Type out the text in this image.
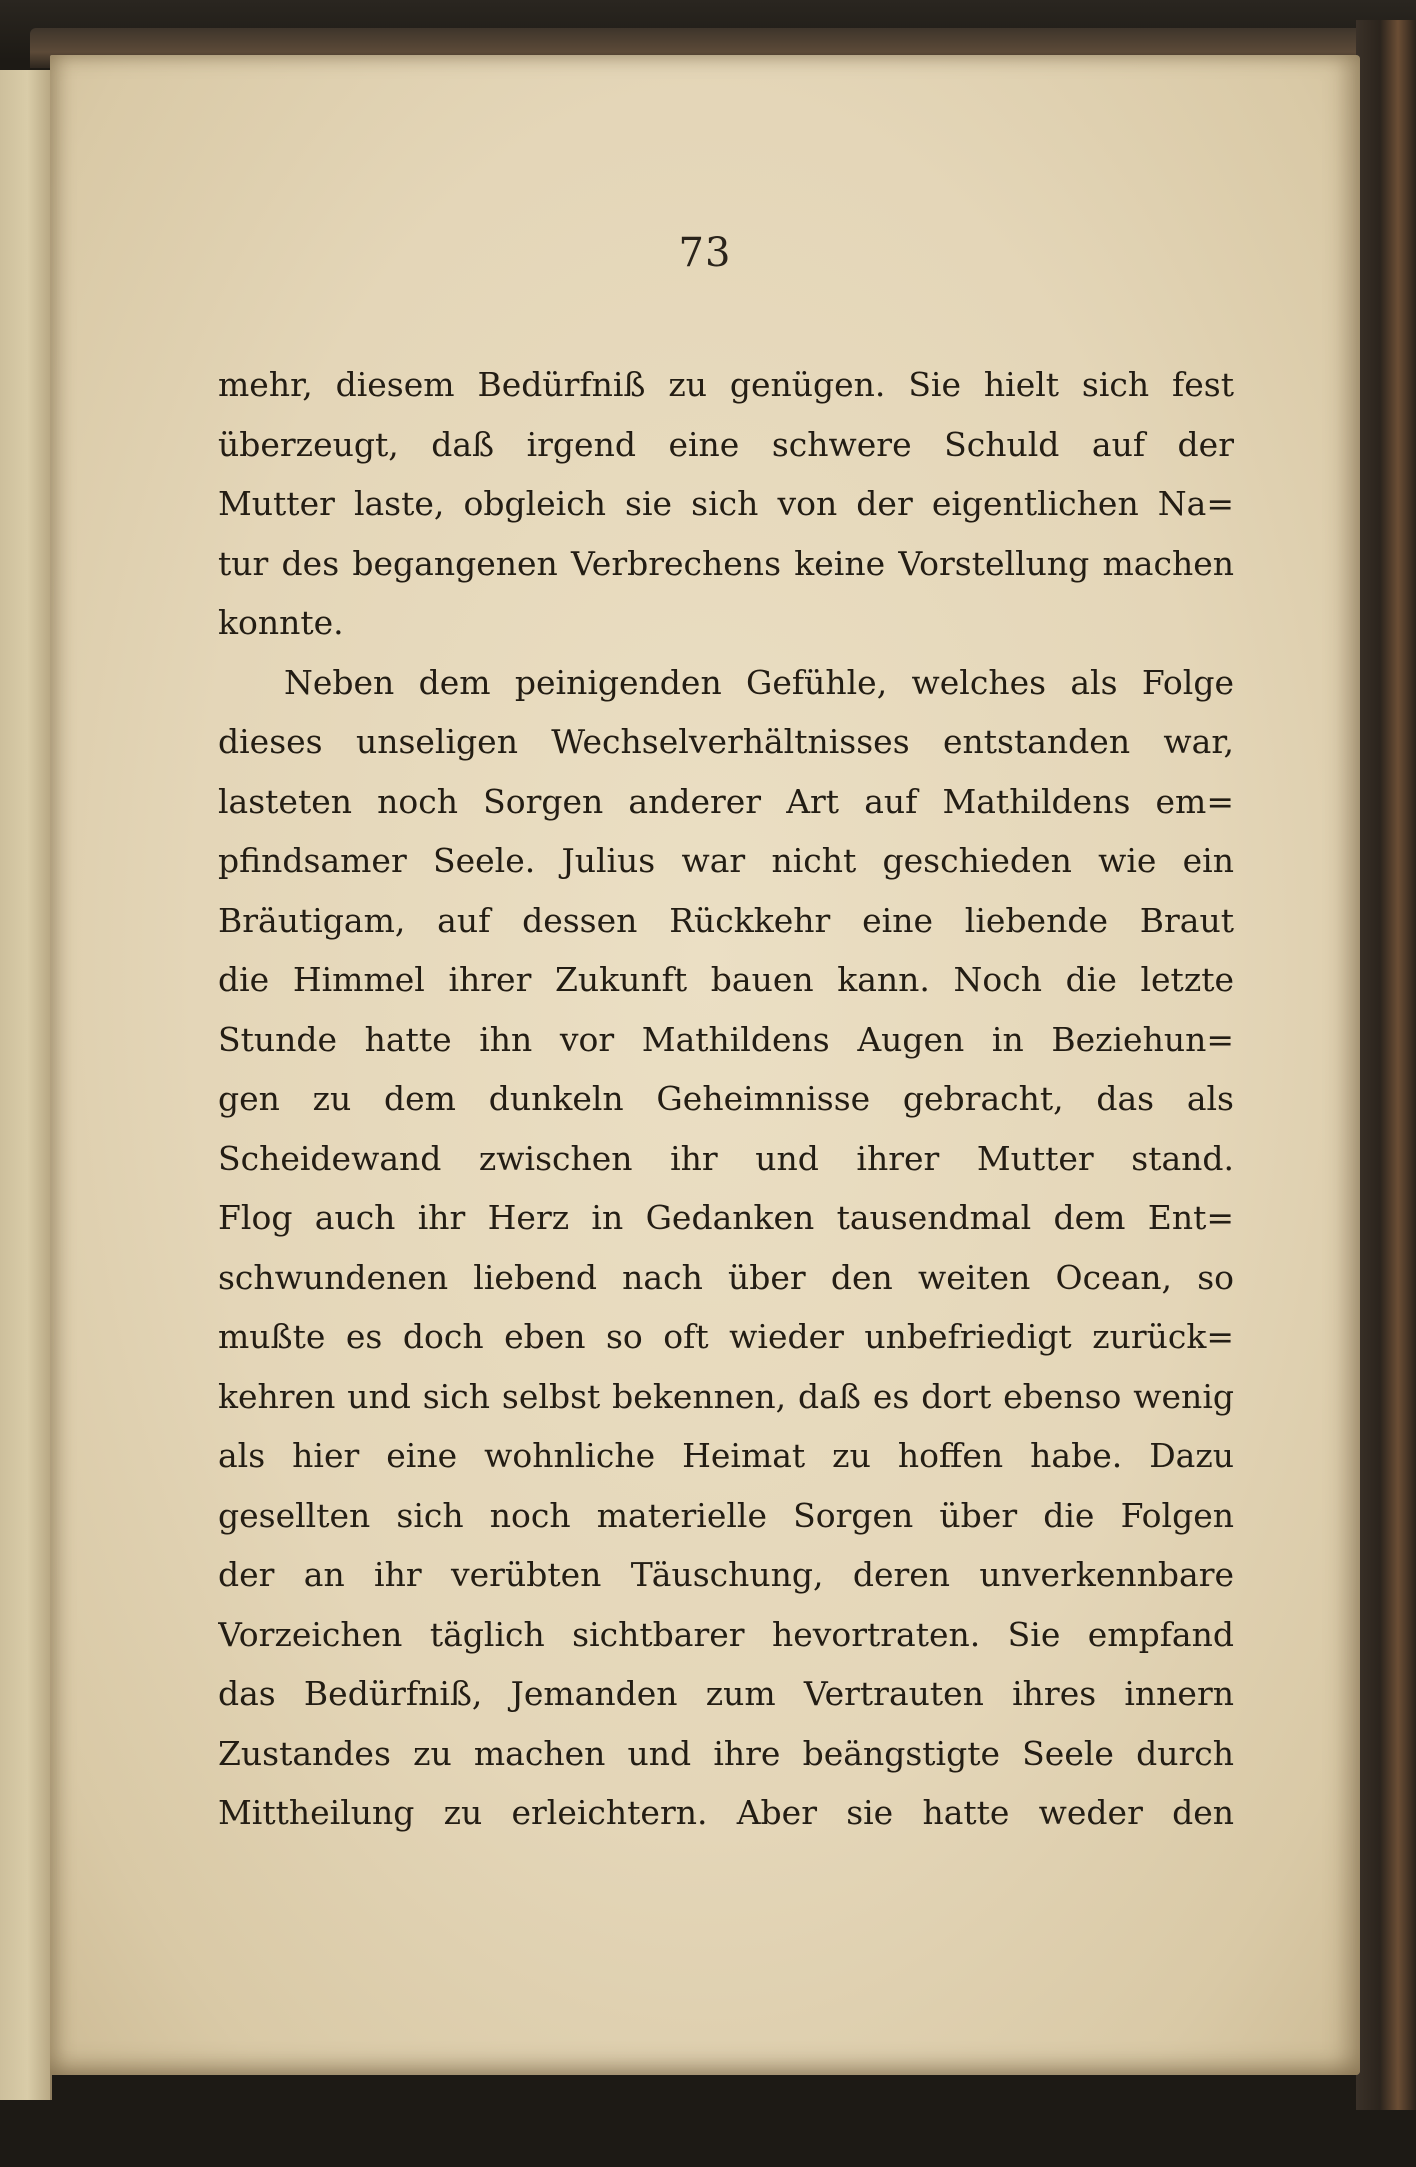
73
mehr, diesem Bedürfniß zu genügen. Sie hielt sich fest
überzeugt, daß irgend eine schwere Schuld auf der
Mutter laste, obgleich sie sich von der eigentlichen Na=
tur des begangenen Verbrechens keine Vorstellung machen
konnte.
Neben dem peinigenden Gefühle, welches als Folge
dieses unseligen Wechselverhältnisses entstanden war,
lasteten noch Sorgen anderer Art auf Mathildens em=
pfindsamer Seele. Julius war nicht geschieden wie ein
Bräutigam, auf dessen Rückkehr eine liebende Braut
die Himmel ihrer Zukunft bauen kann. Noch die letzte
Stunde hatte ihn vor Mathildens Augen in Beziehun=
gen zu dem dunkeln Geheimnisse gebracht, das als
Scheidewand zwischen ihr und ihrer Mutter stand.
Flog auch ihr Herz in Gedanken tausendmal dem Ent=
schwundenen liebend nach über den weiten Ocean, so
mußte es doch eben so oft wieder unbefriedigt zurück=
kehren und sich selbst bekennen, daß es dort ebenso wenig
als hier eine wohnliche Heimat zu hoffen habe. Dazu
gesellten sich noch materielle Sorgen über die Folgen
der an ihr verübten Täuschung, deren unverkennbare
Vorzeichen täglich sichtbarer hevortraten. Sie empfand
das Bedürfniß, Jemanden zum Vertrauten ihres innern
Zustandes zu machen und ihre beängstigte Seele durch
Mittheilung zu erleichtern. Aber sie hatte weder den
